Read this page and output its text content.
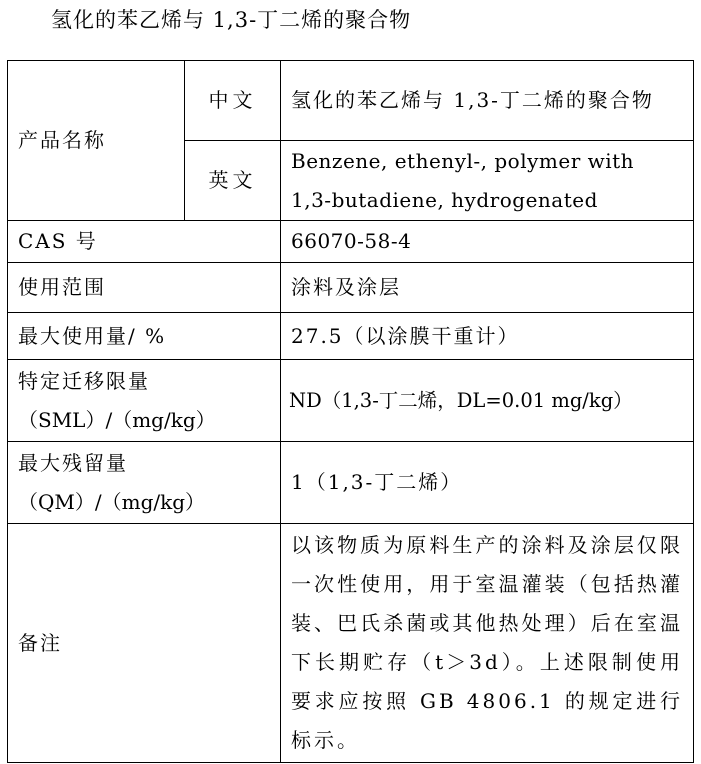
氢化的苯乙烯与 1,3-丁二烯的聚合物
产品名称	中文	氢化的苯乙烯与 1,3-丁二烯的聚合物
	英文	Benzene, ethenyl-, polymer with
1,3-butadiene, hydrogenated

CAS 号		66070-58-4
使用范围		涂料及涂层
最大使用量/ %		27.5（以涂膜干重计）

特定迁移限量
（SML）/（mg/kg）		ND（1,3-丁二烯，DL=0.01 mg/kg）

最大残留量
（QM）/（mg/kg）		1（1,3-丁二烯）
备注		以该物质为原料生产的涂料及涂层仅限一次性使用，用于室温灌装（包括热灌装、巴氏杀菌或其他热处理）后在室温下长期贮存（t＞3d）。上述限制使用要求应按照 GB 4806.1 的规定进行标示。
